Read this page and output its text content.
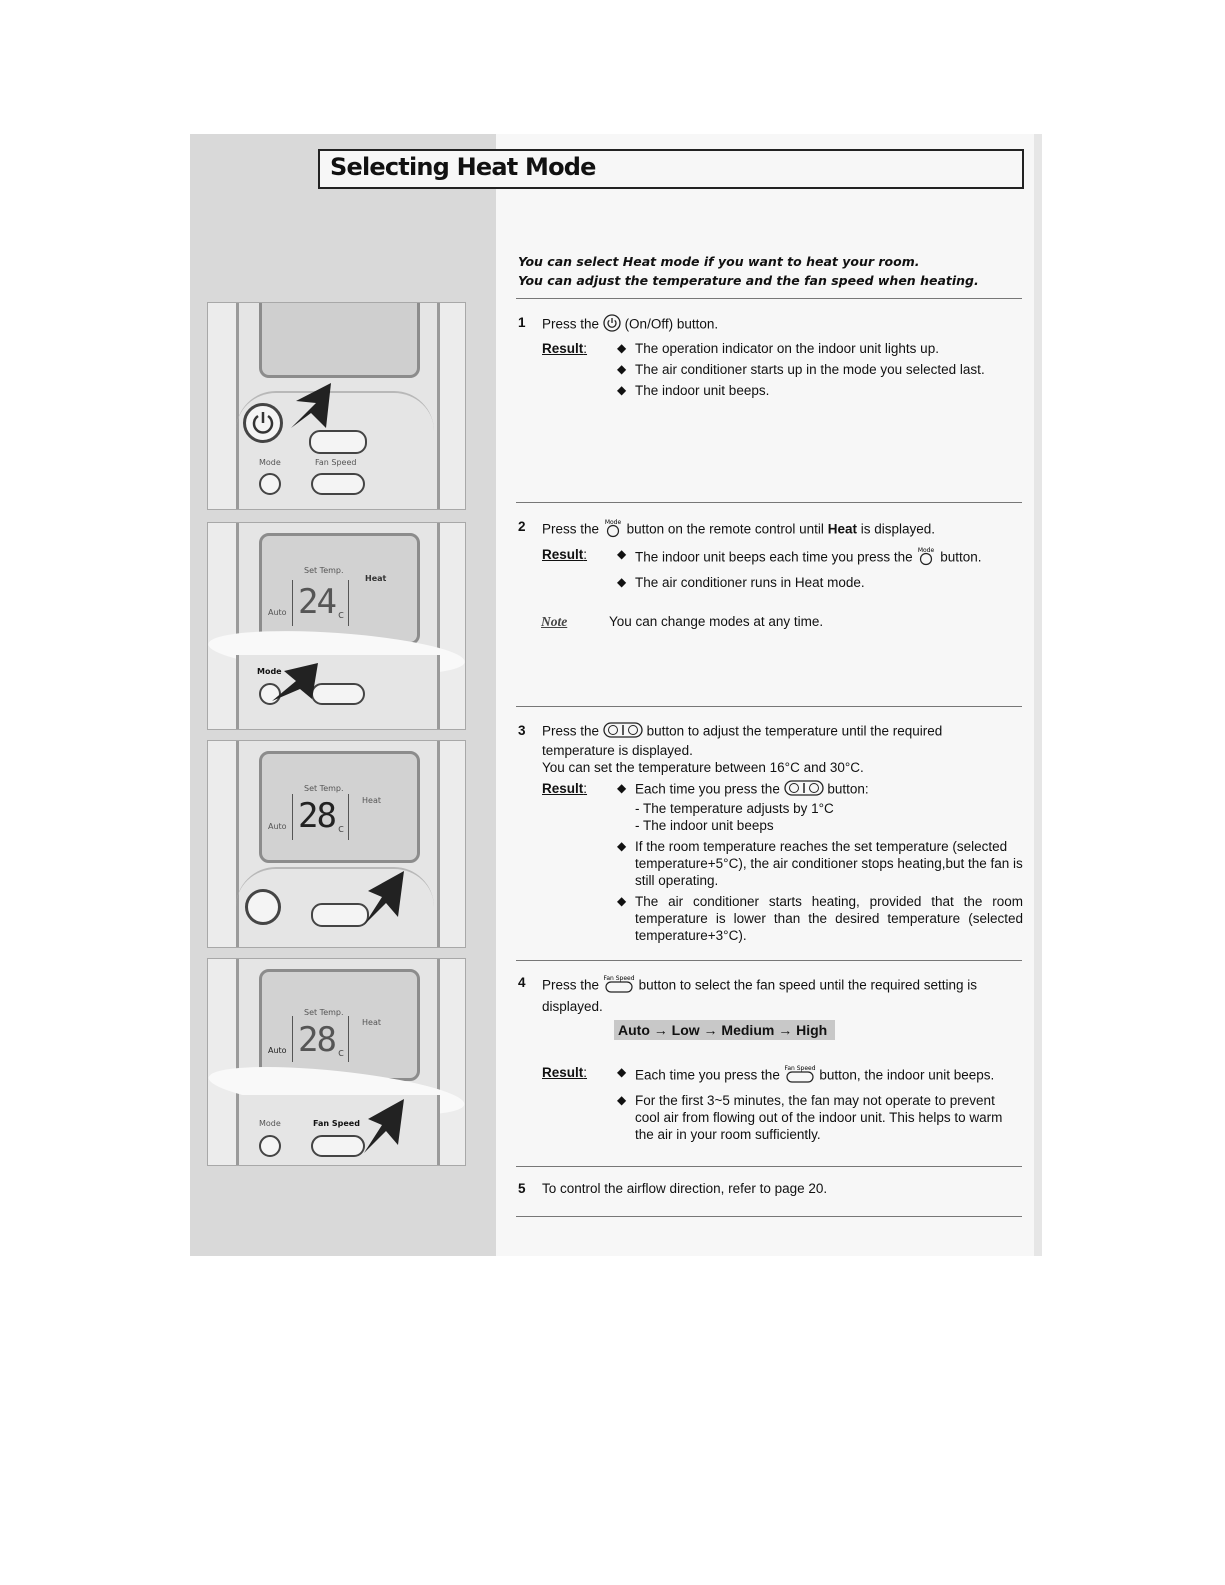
Selecting Heat Mode
You can select Heat mode if you want to heat your room.
You can adjust the temperature and the fan speed when heating.
Mode	Fan Speed
Set Temp.
Auto
Heat
24 c
Mode
Set Temp.
Auto
Heat
28 c
Set Temp.
Auto
Heat
28 c
Mode	Fan Speed
1 Press the (On/Off) button.
Result:	◆ The operation indicator on the indoor unit lights up.
◆ The air conditioner starts up in the mode you selected last.
◆ The indoor unit beeps.
2 Press the Mode button on the remote control until Heat is displayed.
Result:	◆ The indoor unit beeps each time you press the Mode button.
◆ The air conditioner runs in Heat mode.
Note	You can change modes at any time.
3 Press the	button to adjust the temperature until the required
temperature is displayed.
You can set the temperature between 16°C and 30°C.
Result:	◆ Each time you press the	button:
- The temperature adjusts by 1°C
- The indoor unit beeps
◆ If the room temperature reaches the set temperature (selected temperature+5°C), the air conditioner stops heating,but the fan is still operating.
◆ The air conditioner starts heating, provided that the room temperature is lower than the desired temperature (selected temperature+3°C).
4 Press the Fan Speed button to select the fan speed until the required setting is
displayed.
Auto → Low → Medium → High
Result:	◆ Each time you press the Fan Speed button, the indoor unit beeps.
◆ For the first 3~5 minutes, the fan may not operate to prevent cool air from flowing out of the indoor unit. This helps to warm the air in your room sufficiently.
5 To control the airflow direction, refer to page 20.
